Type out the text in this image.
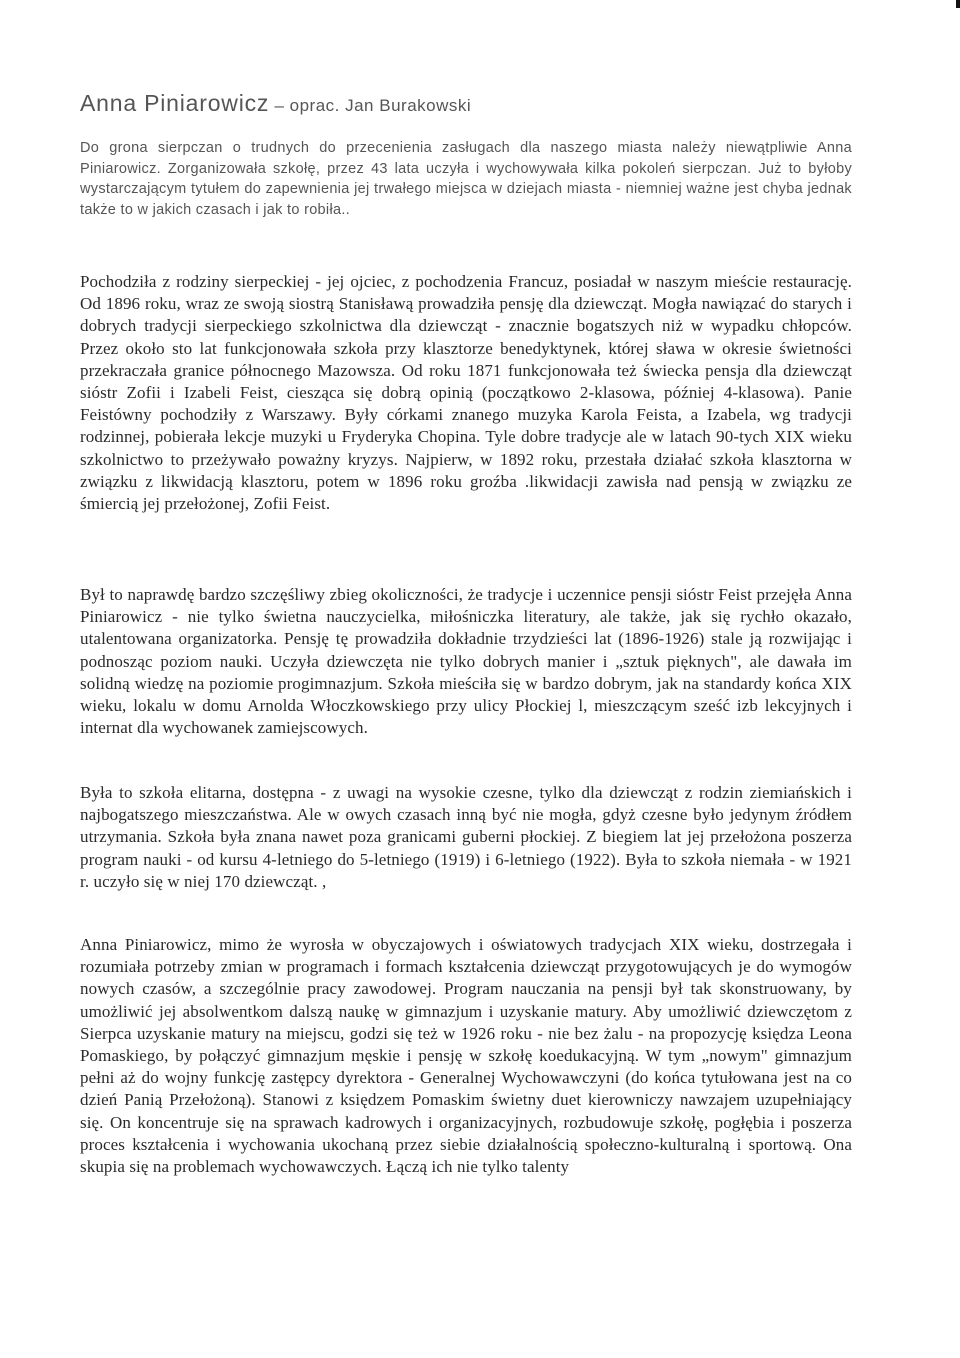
Anna Piniarowicz – oprac. Jan Burakowski

Do grona sierpczan o trudnych do przecenienia zasługach dla naszego miasta należy niewątpliwie Anna Piniarowicz. Zorganizowała szkołę, przez 43 lata uczyła i wychowywała kilka pokoleń sierpczan. Już to byłoby wystarczającym tytułem do zapewnienia jej trwałego miejsca w dziejach miasta - niemniej ważne jest chyba jednak także to w jakich czasach i jak to robiła..

Pochodziła z rodziny sierpeckiej - jej ojciec, z pochodzenia Francuz, posiadał w naszym mieście restaurację. Od 1896 roku, wraz ze swoją siostrą Stanisławą prowadziła pensję dla dziewcząt. Mogła nawiązać do starych i dobrych tradycji sierpeckiego szkolnictwa dla dziewcząt - znacznie bogatszych niż w wypadku chłopców. Przez około sto lat funkcjonowała szkoła przy klasztorze benedyktynek, której sława w okresie świetności przekraczała granice północnego Mazowsza. Od roku 1871 funkcjonowała też świecka pensja dla dziewcząt sióstr Zofii i Izabeli Feist, ciesząca się dobrą opinią (początkowo 2-klasowa, później 4-klasowa). Panie Feistówny pochodziły z Warszawy. Były córkami znanego muzyka Karola Feista, a Izabela, wg tradycji rodzinnej, pobierała lekcje muzyki u Fryderyka Chopina. Tyle dobre tradycje ale w latach 90-tych XIX wieku szkolnictwo to przeżywało poważny kryzys. Najpierw, w 1892 roku, przestała działać szkoła klasztorna w związku z likwidacją klasztoru, potem w 1896 roku groźba .likwidacji zawisła nad pensją w związku ze śmiercią jej przełożonej, Zofii Feist.

Był to naprawdę bardzo szczęśliwy zbieg okoliczności, że tradycje i uczennice pensji sióstr Feist przejęła Anna Piniarowicz - nie tylko świetna nauczycielka, miłośniczka literatury, ale także, jak się rychło okazało, utalentowana organizatorka. Pensję tę prowadziła dokładnie trzydzieści lat (1896-1926) stale ją rozwijając i podnosząc poziom nauki. Uczyła dziewczęta nie tylko dobrych manier i „sztuk pięknych", ale dawała im solidną wiedzę na poziomie progimnazjum. Szkoła mieściła się w bardzo dobrym, jak na standardy końca XIX wieku, lokalu w domu Arnolda Włoczkowskiego przy ulicy Płockiej l, mieszczącym sześć izb lekcyjnych i internat dla wychowanek zamiejscowych.

Była to szkoła elitarna, dostępna - z uwagi na wysokie czesne, tylko dla dziewcząt z rodzin ziemiańskich i najbogatszego mieszczaństwa. Ale w owych czasach inną być nie mogła, gdyż czesne było jedynym źródłem utrzymania. Szkoła była znana nawet poza granicami guberni płockiej. Z biegiem lat jej przełożona poszerza program nauki - od kursu 4-letniego do 5-letniego (1919) i 6-letniego (1922). Była to szkoła niemała - w 1921 r. uczyło się w niej 170 dziewcząt. ,

Anna Piniarowicz, mimo że wyrosła w obyczajowych i oświatowych tradycjach XIX wieku, dostrzegała i rozumiała potrzeby zmian w programach i formach kształcenia dziewcząt przygotowujących je do wymogów nowych czasów, a szczególnie pracy zawodowej. Program nauczania na pensji był tak skonstruowany, by umożliwić jej absolwentkom dalszą naukę w gimnazjum i uzyskanie matury. Aby umożliwić dziewczętom z Sierpca uzyskanie matury na miejscu, godzi się też w 1926 roku - nie bez żalu - na propozycję księdza Leona Pomaskiego, by połączyć gimnazjum męskie i pensję w szkołę koedukacyjną. W tym „nowym" gimnazjum pełni aż do wojny funkcję zastępcy dyrektora - Generalnej Wychowawczyni (do końca tytułowana jest na co dzień Panią Przełożoną). Stanowi z księdzem Pomaskim świetny duet kierowniczy nawzajem uzupełniający się. On koncentruje się na sprawach kadrowych i organizacyjnych, rozbudowuje szkołę, pogłębia i poszerza proces kształcenia i wychowania ukochaną przez siebie działalnością społeczno-kulturalną i sportową. Ona skupia się na problemach wychowawczych. Łączą ich nie tylko talenty
